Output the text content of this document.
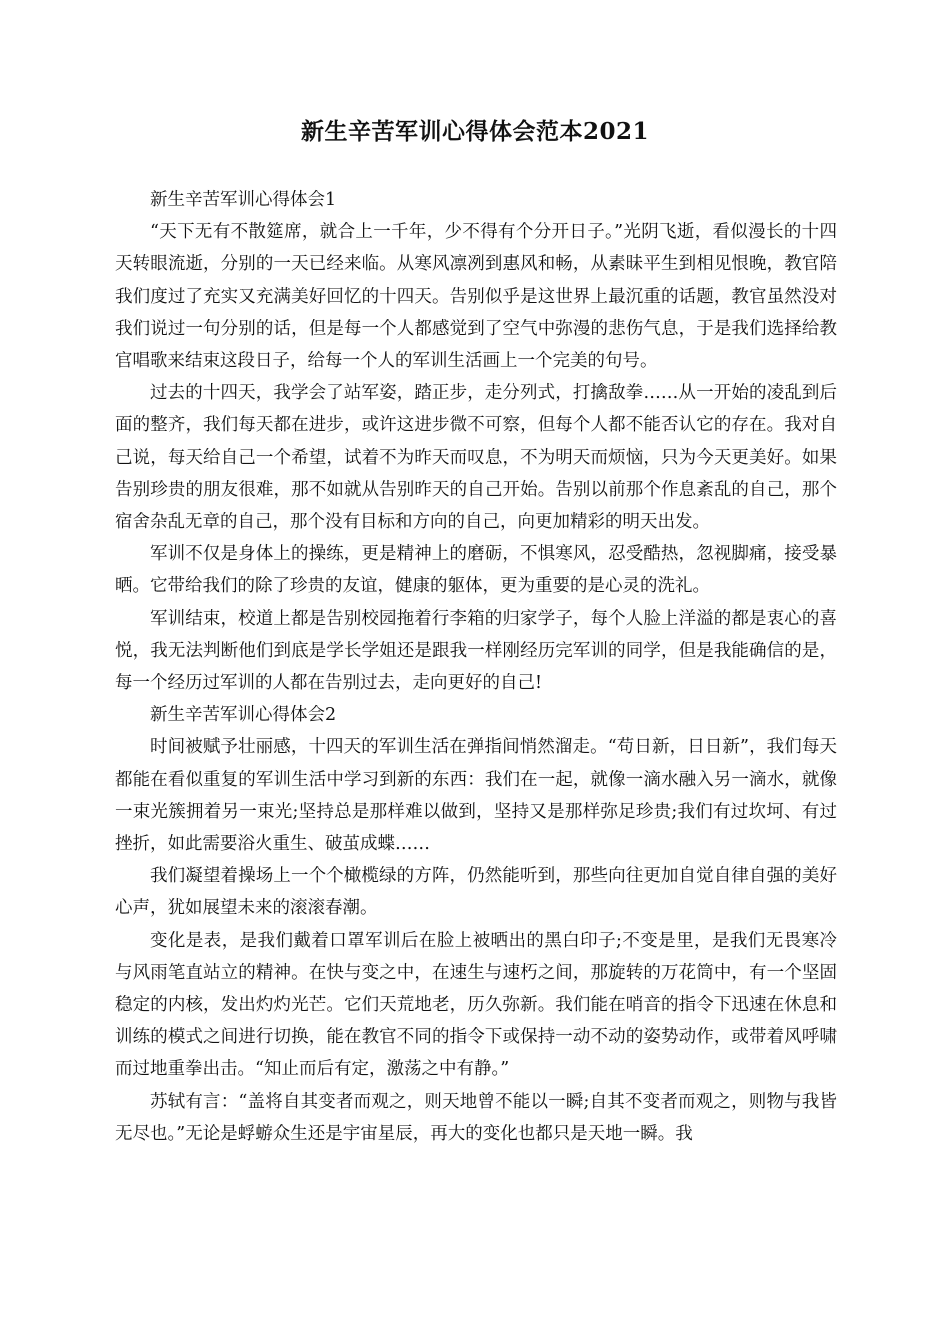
新生辛苦军训心得体会范本2021

新生辛苦军训心得体会1

“天下无有不散筵席，就合上一千年，少不得有个分开日子。”光阴飞逝，看似漫长的十四天转眼流逝，分别的一天已经来临。从寒风凛冽到惠风和畅，从素昧平生到相见恨晚，教官陪我们度过了充实又充满美好回忆的十四天。告别似乎是这世界上最沉重的话题，教官虽然没对我们说过一句分别的话，但是每一个人都感觉到了空气中弥漫的悲伤气息，于是我们选择给教官唱歌来结束这段日子，给每一个人的军训生活画上一个完美的句号。

过去的十四天，我学会了站军姿，踏正步，走分列式，打擒敌拳……从一开始的凌乱到后面的整齐，我们每天都在进步，或许这进步微不可察，但每个人都不能否认它的存在。我对自己说，每天给自己一个希望，试着不为昨天而叹息，不为明天而烦恼，只为今天更美好。如果告别珍贵的朋友很难，那不如就从告别昨天的自己开始。告别以前那个作息紊乱的自己，那个宿舍杂乱无章的自己，那个没有目标和方向的自己，向更加精彩的明天出发。

军训不仅是身体上的操练，更是精神上的磨砺，不惧寒风，忍受酷热，忽视脚痛，接受暴晒。它带给我们的除了珍贵的友谊，健康的躯体，更为重要的是心灵的洗礼。

军训结束，校道上都是告别校园拖着行李箱的归家学子，每个人脸上洋溢的都是衷心的喜悦，我无法判断他们到底是学长学姐还是跟我一样刚经历完军训的同学，但是我能确信的是，每一个经历过军训的人都在告别过去，走向更好的自己!

新生辛苦军训心得体会2

时间被赋予壮丽感，十四天的军训生活在弹指间悄然溜走。“苟日新，日日新”，我们每天都能在看似重复的军训生活中学习到新的东西：我们在一起，就像一滴水融入另一滴水，就像一束光簇拥着另一束光;坚持总是那样难以做到，坚持又是那样弥足珍贵;我们有过坎坷、有过挫折，如此需要浴火重生、破茧成蝶……

我们凝望着操场上一个个橄榄绿的方阵，仍然能听到，那些向往更加自觉自律自强的美好心声，犹如展望未来的滚滚春潮。

变化是表，是我们戴着口罩军训后在脸上被晒出的黑白印子;不变是里，是我们无畏寒冷与风雨笔直站立的精神。在快与变之中，在速生与速朽之间，那旋转的万花筒中，有一个坚固稳定的内核，发出灼灼光芒。它们天荒地老，历久弥新。我们能在哨音的指令下迅速在休息和训练的模式之间进行切换，能在教官不同的指令下或保持一动不动的姿势动作，或带着风呼啸而过地重拳出击。“知止而后有定，激荡之中有静。”

苏轼有言：“盖将自其变者而观之，则天地曾不能以一瞬;自其不变者而观之，则物与我皆无尽也。”无论是蜉蝣众生还是宇宙星辰，再大的变化也都只是天地一瞬。我
